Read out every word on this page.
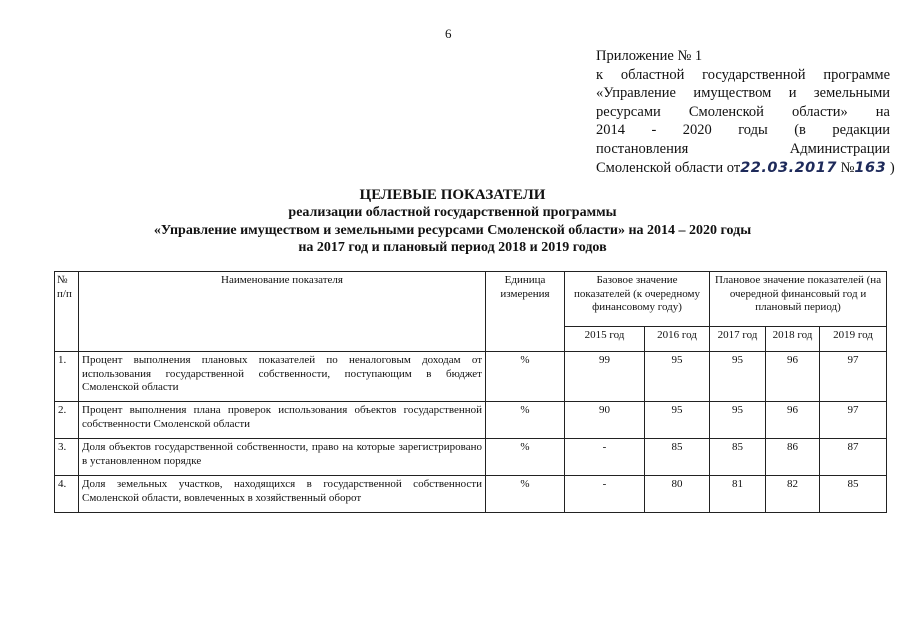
6
Приложение № 1
к областной государственной программе
«Управление имуществом и земельными
ресурсами Смоленской области» на
2014 - 2020 годы (в редакции
постановления Администрации
Смоленской области от22.03.2017 №163 )
ЦЕЛЕВЫЕ ПОКАЗАТЕЛИ
реализации областной государственной программы
«Управление имуществом и земельными ресурсами Смоленской области» на 2014 – 2020 годы
на 2017 год и плановый период 2018 и 2019 годов
№ п/п	Наименование показателя	Единица измерения	Базовое значение показателей (к очередному финансовому году)		Плановое значение показателей (на очередной финансовый год и плановый период)		
			2015 год	2016 год	2017 год	2018 год	2019 год
1.	Процент выполнения плановых показателей по неналоговым доходам от использования государственной собственности, поступающим в бюджет Смоленской области	%	99	95	95	96	97
2.	Процент выполнения плана проверок использования объектов государственной собственности Смоленской области	%	90	95	95	96	97
3.	Доля объектов государственной собственности, право на которые зарегистрировано в установленном порядке	%	-	85	85	86	87
4.	Доля земельных участков, находящихся в государственной собственности Смоленской области, вовлеченных в хозяйственный оборот	%	-	80	81	82	85
